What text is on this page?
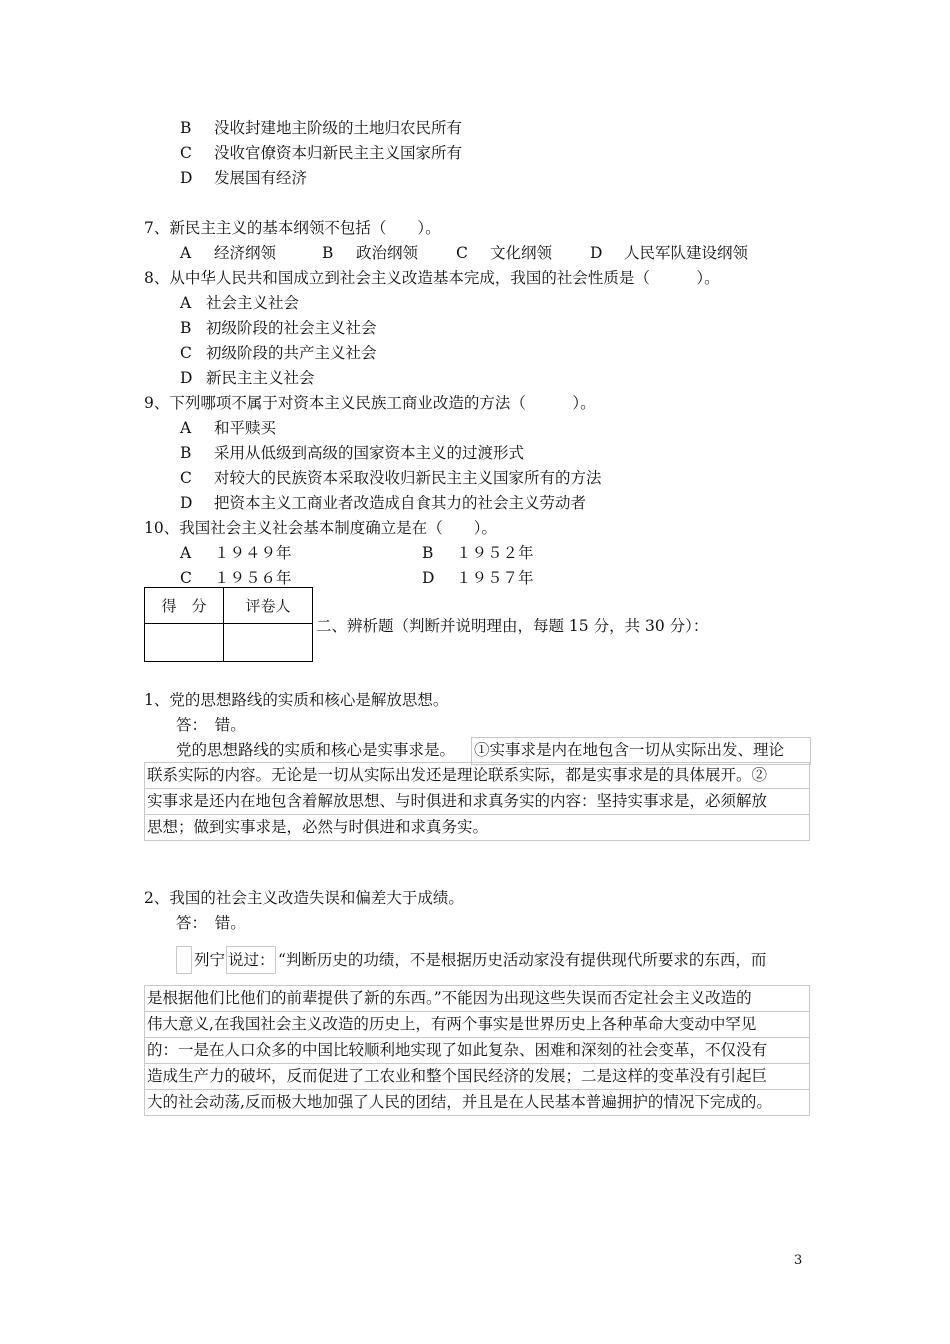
B 没收封建地主阶级的土地归农民所有
C 没收官僚资本归新民主主义国家所有
D 发展国有经济
7、新民主主义的基本纲领不包括（　　）。
A 经济纲领	B 政治纲领 C 文化纲领 D 人民军队建设纲领
8、从中华人民共和国成立到社会主义改造基本完成，我国的社会性质是（　　　）。
A 社会主义社会
B 初级阶段的社会主义社会
C 初级阶段的共产主义社会
D 新民主主义社会
9、下列哪项不属于对资本主义民族工商业改造的方法（　　　）。
A 和平赎买
B 采用从低级到高级的国家资本主义的过渡形式
C 对较大的民族资本采取没收归新民主主义国家所有的方法
D 把资本主义工商业者改造成自食其力的社会主义劳动者
10、我国社会主义社会基本制度确立是在（　　）。
A １９４９年	B １９５２年
C １９５６年	D １９５７年
得　分	评卷人

二、辨析题（判断并说明理由，每题 15 分，共 30 分）：
1、党的思想路线的实质和核心是解放思想。
答：　错。
党的思想路线的实质和核心是实事求是。 ①实事求是内在地包含一切从实际出发、理论
联系实际的内容。无论是一切从实际出发还是理论联系实际，都是实事求是的具体展开。②
实事求是还内在地包含着解放思想、与时俱进和求真务实的内容：坚持实事求是，必须解放
思想；做到实事求是，必然与时俱进和求真务实。
2、我国的社会主义改造失误和偏差大于成绩。
答：　错。
列宁 说过： “判断历史的功绩，不是根据历史活动家没有提供现代所要求的东西，而
是根据他们比他们的前辈提供了新的东西。”不能因为出现这些失误而否定社会主义改造的
伟大意义,在我国社会主义改造的历史上，有两个事实是世界历史上各种革命大变动中罕见
的：一是在人口众多的中国比较顺利地实现了如此复杂、困难和深刻的社会变革，不仅没有
造成生产力的破坏，反而促进了工农业和整个国民经济的发展；二是这样的变革没有引起巨
大的社会动荡,反而极大地加强了人民的团结，并且是在人民基本普遍拥护的情况下完成的。
3
